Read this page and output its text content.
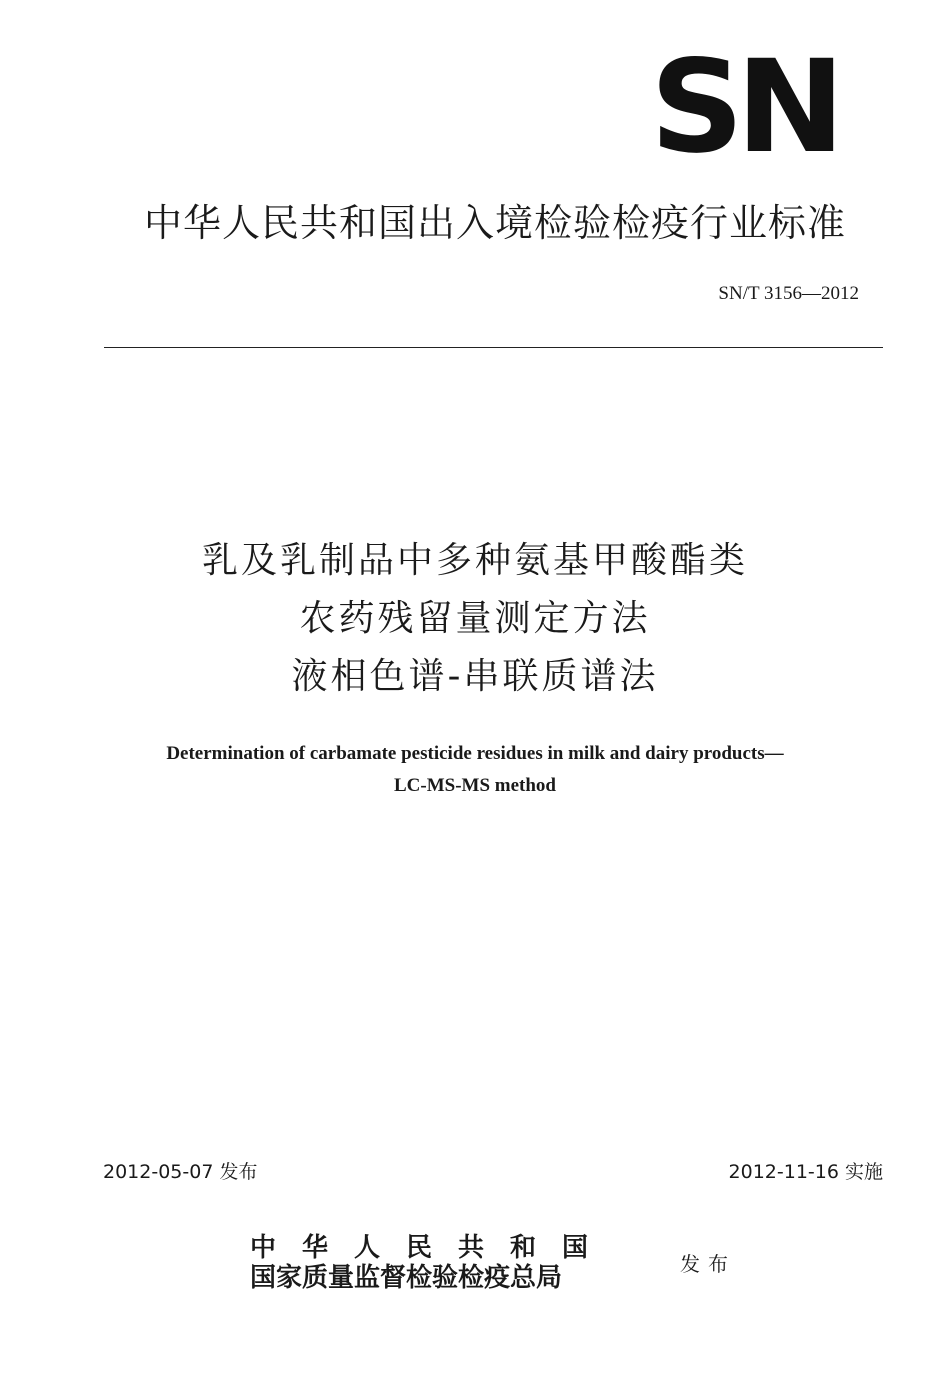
SN
中华人民共和国出入境检验检疫行业标准
SN/T 3156—2012
乳及乳制品中多种氨基甲酸酯类
农药残留量测定方法
液相色谱-串联质谱法
Determination of carbamate pesticide residues in milk and dairy products—
LC-MS-MS method
2012-05-07 发布	2012-11-16 实施
中华人民共和国
国家质量监督检验检疫总局	发布
